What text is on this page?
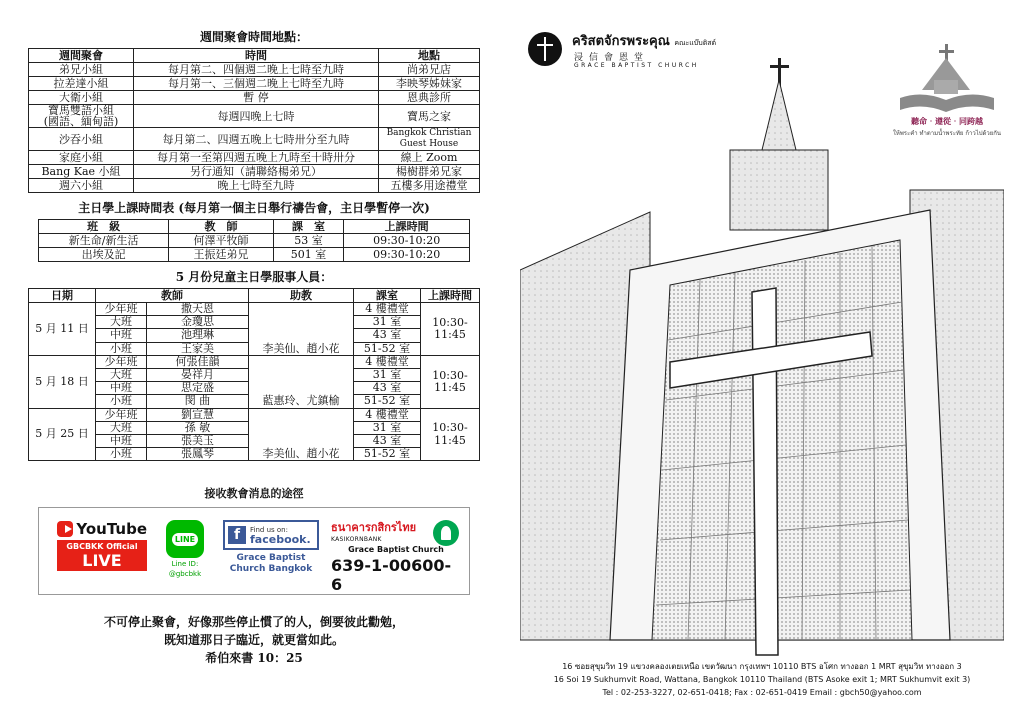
週間聚會時間地點：
週間聚會	時間	地點
弟兄小組	每月第二、四個週二晚上七時至九時	尚弟兄店
拉差達小組	每月第一、三個週二晚上七時至九時	李映琴姊妹家
大衛小組	暫 停	恩典診所
寶馬雙語小組
(國語、緬甸語)	每週四晚上七時	寶馬之家
沙吞小組	每月第二、四週五晚上七時卅分至九時	Bangkok Christian
Guest House
家庭小組	每月第一至第四週五晚上九時至十時卅分	線上 Zoom
Bang Kae 小組	另行通知（請聯絡楊弟兄）	楊樹群弟兄家
週六小組	晚上七時至九時	五樓多用途禮堂
主日學上課時間表 (每月第一個主日舉行禱告會，主日學暫停一次)
班　級	教　師	課　室	上課時間
新生命/新生活	何澤平牧師	53 室	09:30-10:20
出埃及記	王振廷弟兄	501 室	09:30-10:20
5 月份兒童主日學服事人員：
日期	教師		助教	課室	上課時間
5 月 11 日	少年班	撒天恩	李美仙、趙小花	4 樓禮堂	10:30-
11:45
	大班	金瓊思		31 室	
	中班	池理琳		43 室	
	小班	王家美		51-52 室	
5 月 18 日	少年班	何張佳韻	藍惠玲、尤鎮榆	4 樓禮堂	10:30-
11:45
	大班	晏祥月		31 室	
	中班	思定盛		43 室	
	小班	閔 曲		51-52 室	
5 月 25 日	少年班	劉宣慧	李美仙、趙小花	4 樓禮堂	10:30-
11:45
	大班	孫 敏		31 室	
	中班	張美玉		43 室	
	小班	張鳳琴		51-52 室	
接收教會消息的途徑
YouTube
GBCBKK Official
LIVE
LINE
Line ID:
@gbcbkk
f	Find us on:
facebook.
Grace Baptist
Church Bangkok
ธนาคารกสิกรไทย
KASIKORNBANK
Grace Baptist Church
639-1-00600-6
不可停止聚會，好像那些停止慣了的人，倒要彼此勸勉，
既知道那日子臨近，就更當如此。
希伯來書 10：25
คริสตจักรพระคุณ คณะแบ๊บติสต์
浸信會恩堂
GRACE BAPTIST CHURCH
聽命‧遵從‧同跨越
ให้พระคำ ทำตามน้ำพระทัย ก้าวไปด้วยกัน
16 ซอยสุขุมวิท 19 แขวงคลองเตยเหนือ เขตวัฒนา กรุงเทพฯ 10110 BTS อโศก ทางออก 1 MRT สุขุมวิท ทางออก 3
16 Soi 19 Sukhumvit Road, Wattana, Bangkok 10110 Thailand (BTS Asoke exit 1; MRT Sukhumvit exit 3)
Tel : 02-253-3227, 02-651-0418; Fax : 02-651-0419 Email : gbch50@yahoo.com
